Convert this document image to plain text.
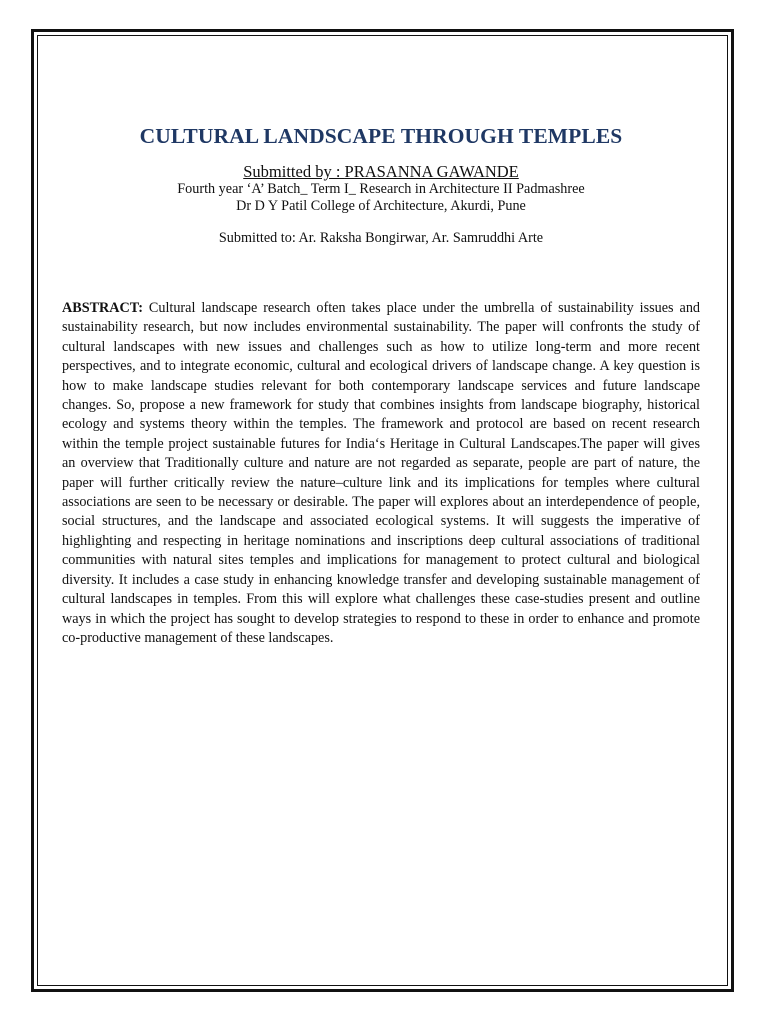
CULTURAL LANDSCAPE THROUGH TEMPLES
Submitted by : PRASANNA GAWANDE
Fourth year ‘A’ Batch_ Term I_ Research in Architecture II Padmashree
Dr D Y Patil College of Architecture, Akurdi, Pune
Submitted to: Ar. Raksha Bongirwar, Ar. Samruddhi Arte

ABSTRACT: Cultural landscape research often takes place under the umbrella of sustainability issues and sustainability research, but now includes environmental sustainability. The paper will confronts the study of cultural landscapes with new issues and challenges such as how to utilize long-term and more recent perspectives, and to integrate economic, cultural and ecological drivers of landscape change. A key question is how to make landscape studies relevant for both contemporary landscape services and future landscape changes. So, propose a new framework for study that combines insights from landscape biography, historical ecology and systems theory within the temples. The framework and protocol are based on recent research within the temple project sustainable futures for India‘s Heritage in Cultural Landscapes.The paper will gives an overview that Traditionally culture and nature are not regarded as separate, people are part of nature, the paper will further critically review the nature–culture link and its implications for temples where cultural associations are seen to be necessary or desirable. The paper will explores about an interdependence of people, social structures, and the landscape and associated ecological systems. It will suggests the imperative of highlighting and respecting in heritage nominations and inscriptions deep cultural associations of traditional communities with natural sites temples and implications for management to protect cultural and biological diversity. It includes a case study in enhancing knowledge transfer and developing sustainable management of cultural landscapes in temples. From this will explore what challenges these case-studies present and outline ways in which the project has sought to develop strategies to respond to these in order to enhance and promote co-productive management of these landscapes.
